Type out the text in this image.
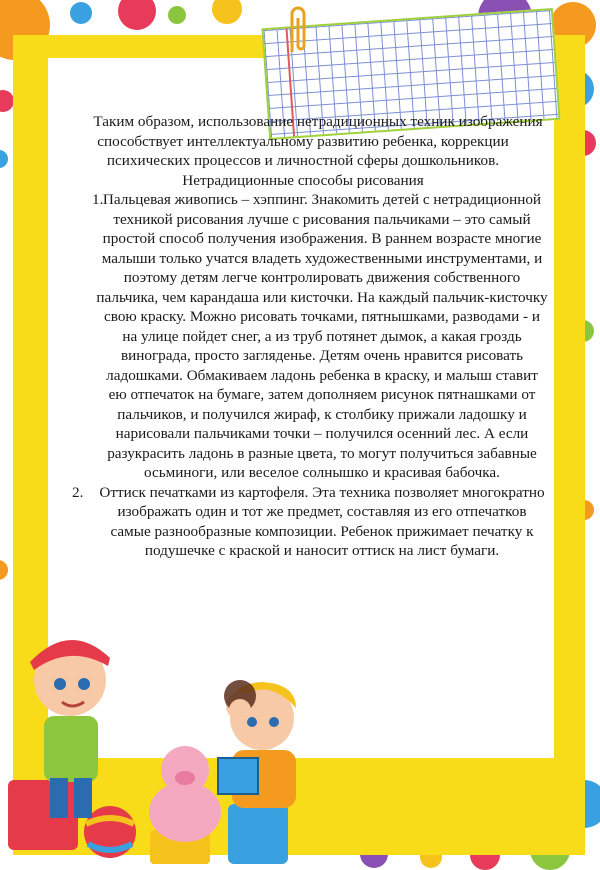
Таким образом, использование нетрадиционных техник изображения способствует интеллектуальному развитию ребенка, коррекции психических процессов и личностной сферы дошкольников. Нетрадиционные способы рисования

1. Пальцевая живопись – хэппинг. Знакомить детей с нетрадиционной техникой рисования лучше с рисования пальчиками – это самый простой способ получения изображения. В раннем возрасте многие малыши только учатся владеть художественными инструментами, и поэтому детям легче контролировать движения собственного пальчика, чем карандаша или кисточки. На каждый пальчик-кисточку свою краску. Можно рисовать точками, пятнышками, разводами - и на улице пойдет снег, а из труб потянет дымок, а какая гроздь винограда, просто загляденье. Детям очень нравится рисовать ладошками. Обмакиваем ладонь ребенка в краску, и малыш ставит ею отпечаток на бумаге, затем дополняем рисунок пятнашками от пальчиков, и получился жираф, к столбику прижали ладошку и нарисовали пальчиками точки – получился осенний лес. А если разукрасить ладонь в разные цвета, то могут получиться забавные осьминоги, или веселое солнышко и красивая бабочка.
2. Оттиск печатками из картофеля. Эта техника позволяет многократно изображать один и тот же предмет, составляя из его отпечатков самые разнообразные композиции. Ребенок прижимает печатку к подушечке с краской и наносит оттиск на лист бумаги.
